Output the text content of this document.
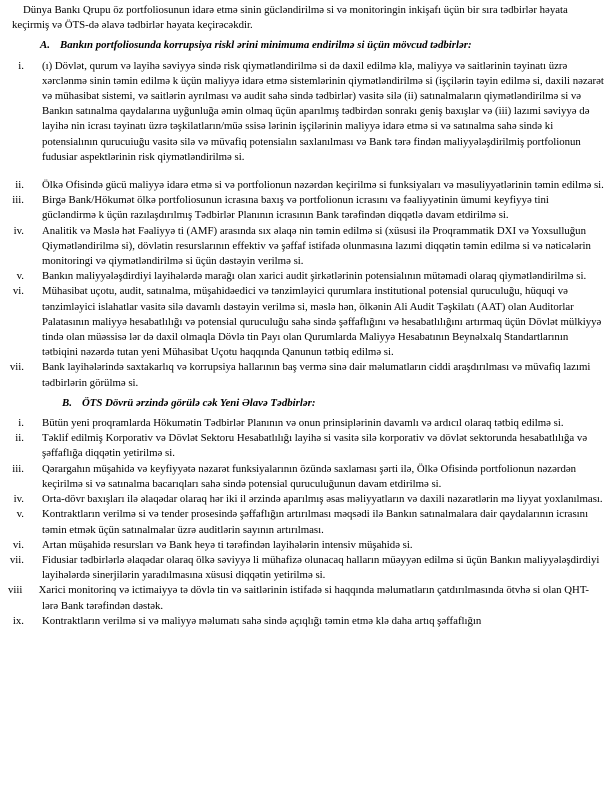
Dünya Bankı Qrupu öz portfoliosunun idarə etmə sinin gücləndirilmə si və monitoringin inkişafı üçün bir sıra tədbirlər həyata keçirmiş və ÖTS-də əlavə tədbirlər həyata keçirəcəkdir.

A. Bankın portfoliosunda korrupsiya riskl ərini minimuma endirilmə si üçün mövcud tədbirlər:
i. (ı) Dövlət, qurum və layihə səviyyə sində risk qiymətləndirilmə si də daxil edilmə klə, maliyyə və saitlərinin təyinatı üzrə xərclənmə sinin təmin edilmə k üçün maliyyə idarə etmə sistemlərinin qiymətləndirilmə si (işçilərin təyin edilmə si, daxili nəzarət və mühasibat sistemi, və saitlərin ayrılması və audit sahə sində tədbirlər) vasitə silə (ii) satınalmaların qiymətləndirilmə si və Bankın satınalma qaydalarına uyğunluğa əmin olmaq üçün aparılmış tədbirdən sonrakı geniş baxışlar və (iii) lazımi səviyyə də layihə nin icrası təyinatı üzrə təşkilatların/müə ssisə lərinin işçilərinin maliyyə idarə etmə si və satınalma sahə sində ki potensialının qurucuiuğu vasitə silə və müvafiq potensialın saxlanılması və Bank tərə findən maliyyələşdirilmiş portfolionun fudusiar aspektlərinin risk qiymətləndirilmə si.
ii. Ölkə Ofisində gücü maliyyə idarə etmə si və portfolionun nəzərdən keçirilmə si funksiyaları və məsuliyyətlərinin təmin edilmə si.
iii. Birgə Bank/Hökumət ölkə portfoliosunun icrasına baxış və portfolionun icrasını və fəaliyyətinin ümumi keyfiyyə tini gücləndirmə k üçün razılaşdırılmış Tədbirlər Planının icrasının Bank tərəfindən diqqətlə davam etdirilmə si.
iv. Analitik və Məslə hət Fəaliyyə ti (AMF) arasında sıx əlaqə nin təmin edilmə si (xüsusi ilə Proqrammatik DXI və Yoxsulluğun Qiymətləndirilmə si), dövlətin resurslarının effektiv və şəffaf istifadə olunmasına lazımi diqqətin təmin edilmə si və nəticələrin monitoringi və qiymətləndirilmə si üçün dəstəyin verilmə si.
v. Bankın maliyyələşdirdiyi layihələrdə marağı olan xarici audit şirkətlərinin potensialının mütəmadi olaraq qiymətləndirilmə si.
vi. Mühasibat uçotu, audit, satınalma, müşahidəedici və tənzimləyici qurumlara institutional potensial quruculuğu, hüquqi və tənzimləyici islahatlar vasitə silə davamlı dəstəyin verilmə si, məslə hən, ölkənin Ali Audit Təşkilatı (AAT) olan Auditorlar Palatasının maliyyə hesabatlılığı və potensial quruculuğu sahə sində şəffaflığını və hesabatlılığını artırmaq üçün Dövlət mülkiyyə tində olan müəssisə lər də daxil olmaqla Dövlə tin Payı olan Qurumlarda Maliyyə Hesabatının Beynəlxalq Standartlarının tətbiqini nəzərdə tutan yeni Mühasibat Uçotu haqqında Qanunun tətbiq edilmə si.
vii. Bank layihələrində saxtakarlıq və korrupsiya hallarının baş vermə sinə dair məlumatların ciddi araşdırılması və müvafiq lazımi tədbirlərin görülmə si.
B. ÖTS Dövrü ərzində görülə cək Yeni Əlavə Tədbirlər:
i. Bütün yeni proqramlarda Hökumətin Tədbirlər Planının və onun prinsiplərinin davamlı və ardıcıl olaraq tətbiq edilmə si.
ii. Təklif edilmiş Korporativ və Dövlət Sektoru Hesabatlılığı layihə si vasitə silə korporativ və dövlət sektorunda hesabatlılığa və şəffaflığa diqqətin yetirilmə si.
iii. Qərargahın müşahidə və keyfiyyətə nəzarət funksiyalarının özündə saxlaması şərti ilə, Ölkə Ofisində portfolionun nəzərdən keçirilmə si və satınalma bacarıqları sahə sində potensial quruculuğunun davam etdirilmə si.
iv. Orta-dövr baxışları ilə əlaqədar olaraq hər iki il ərzində aparılmış əsas məliyyatların və daxili nəzarətlərin mə liyyat yoxlanılması.
v. Kontraktların verilmə si və tender prosesində şəffaflığın artırılması məqsədi ilə Bankın satınalmalara dair qaydalarının icrasını təmin etmək üçün satınalmalar üzrə auditlərin sayının artırılması.
vi. Artan müşahidə resursları və Bank heyə ti tərəfindən layihələrin intensiv müşahidə si.
vii. Fidusiar tədbirlərlə əlaqədar olaraq ölkə səviyyə li mühafizə olunacaq halların müəyyən edilmə si üçün Bankın maliyyələşdirdiyi layihələrdə sinerjilərin yaradılmasına xüsusi diqqətin yetirilmə si.
viii Xarici monitorinq və ictimaiyyə tə dövlə tin və saitlərinin istifadə si haqqında məlumatların çatdırılmasında ötvhə si olan QHT-lərə Bank tərəfindən dəstək.
ix. Kontraktların verilmə si və maliyyə məlumatı sahə sində açıqlığı təmin etmə klə daha artıq şəffaflığın
